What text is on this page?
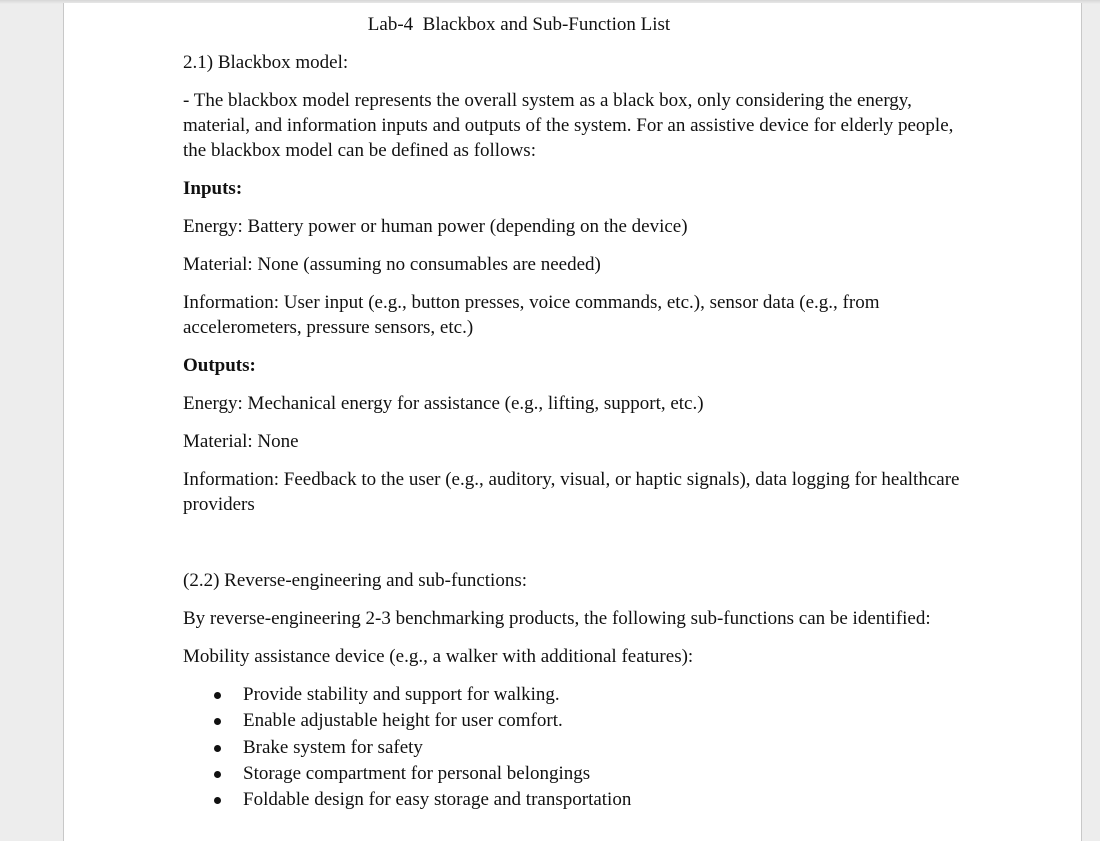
Lab-4  Blackbox and Sub-Function List

2.1) Blackbox model:

- The blackbox model represents the overall system as a black box, only considering the energy, material, and information inputs and outputs of the system. For an assistive device for elderly people, the blackbox model can be defined as follows:

Inputs:

Energy: Battery power or human power (depending on the device)

Material: None (assuming no consumables are needed)

Information: User input (e.g., button presses, voice commands, etc.), sensor data (e.g., from accelerometers, pressure sensors, etc.)

Outputs:

Energy: Mechanical energy for assistance (e.g., lifting, support, etc.)

Material: None

Information: Feedback to the user (e.g., auditory, visual, or haptic signals), data logging for healthcare providers

(2.2) Reverse-engineering and sub-functions:

By reverse-engineering 2-3 benchmarking products, the following sub-functions can be identified:

Mobility assistance device (e.g., a walker with additional features):

Provide stability and support for walking.
Enable adjustable height for user comfort.
Brake system for safety
Storage compartment for personal belongings
Foldable design for easy storage and transportation
